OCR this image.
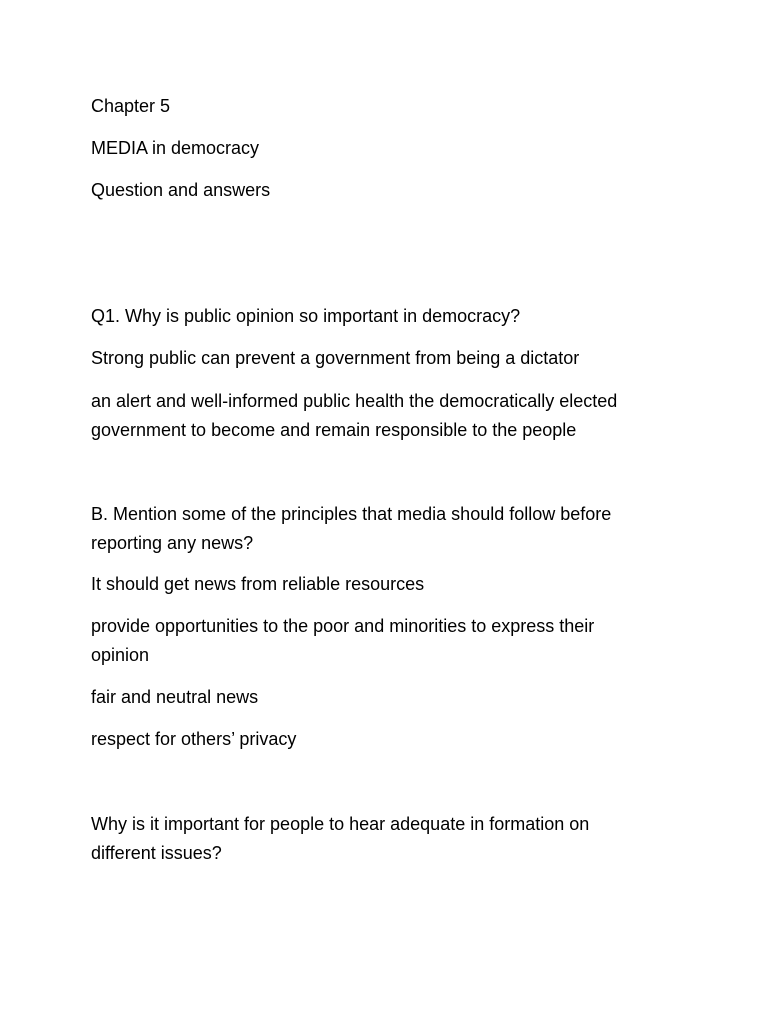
Chapter 5

MEDIA in democracy

Question and answers

Q1. Why is public opinion so important in democracy?

Strong public can prevent a government from being a dictator

an alert and well-informed public health the democratically elected

government to become and remain responsible to the people

B. Mention some of the principles that media should follow before

reporting any news?

It should get news from reliable resources

provide opportunities to the poor and minorities to express their

opinion

fair and neutral news

respect for others’ privacy

Why is it important for people to hear adequate in formation on

different issues?
